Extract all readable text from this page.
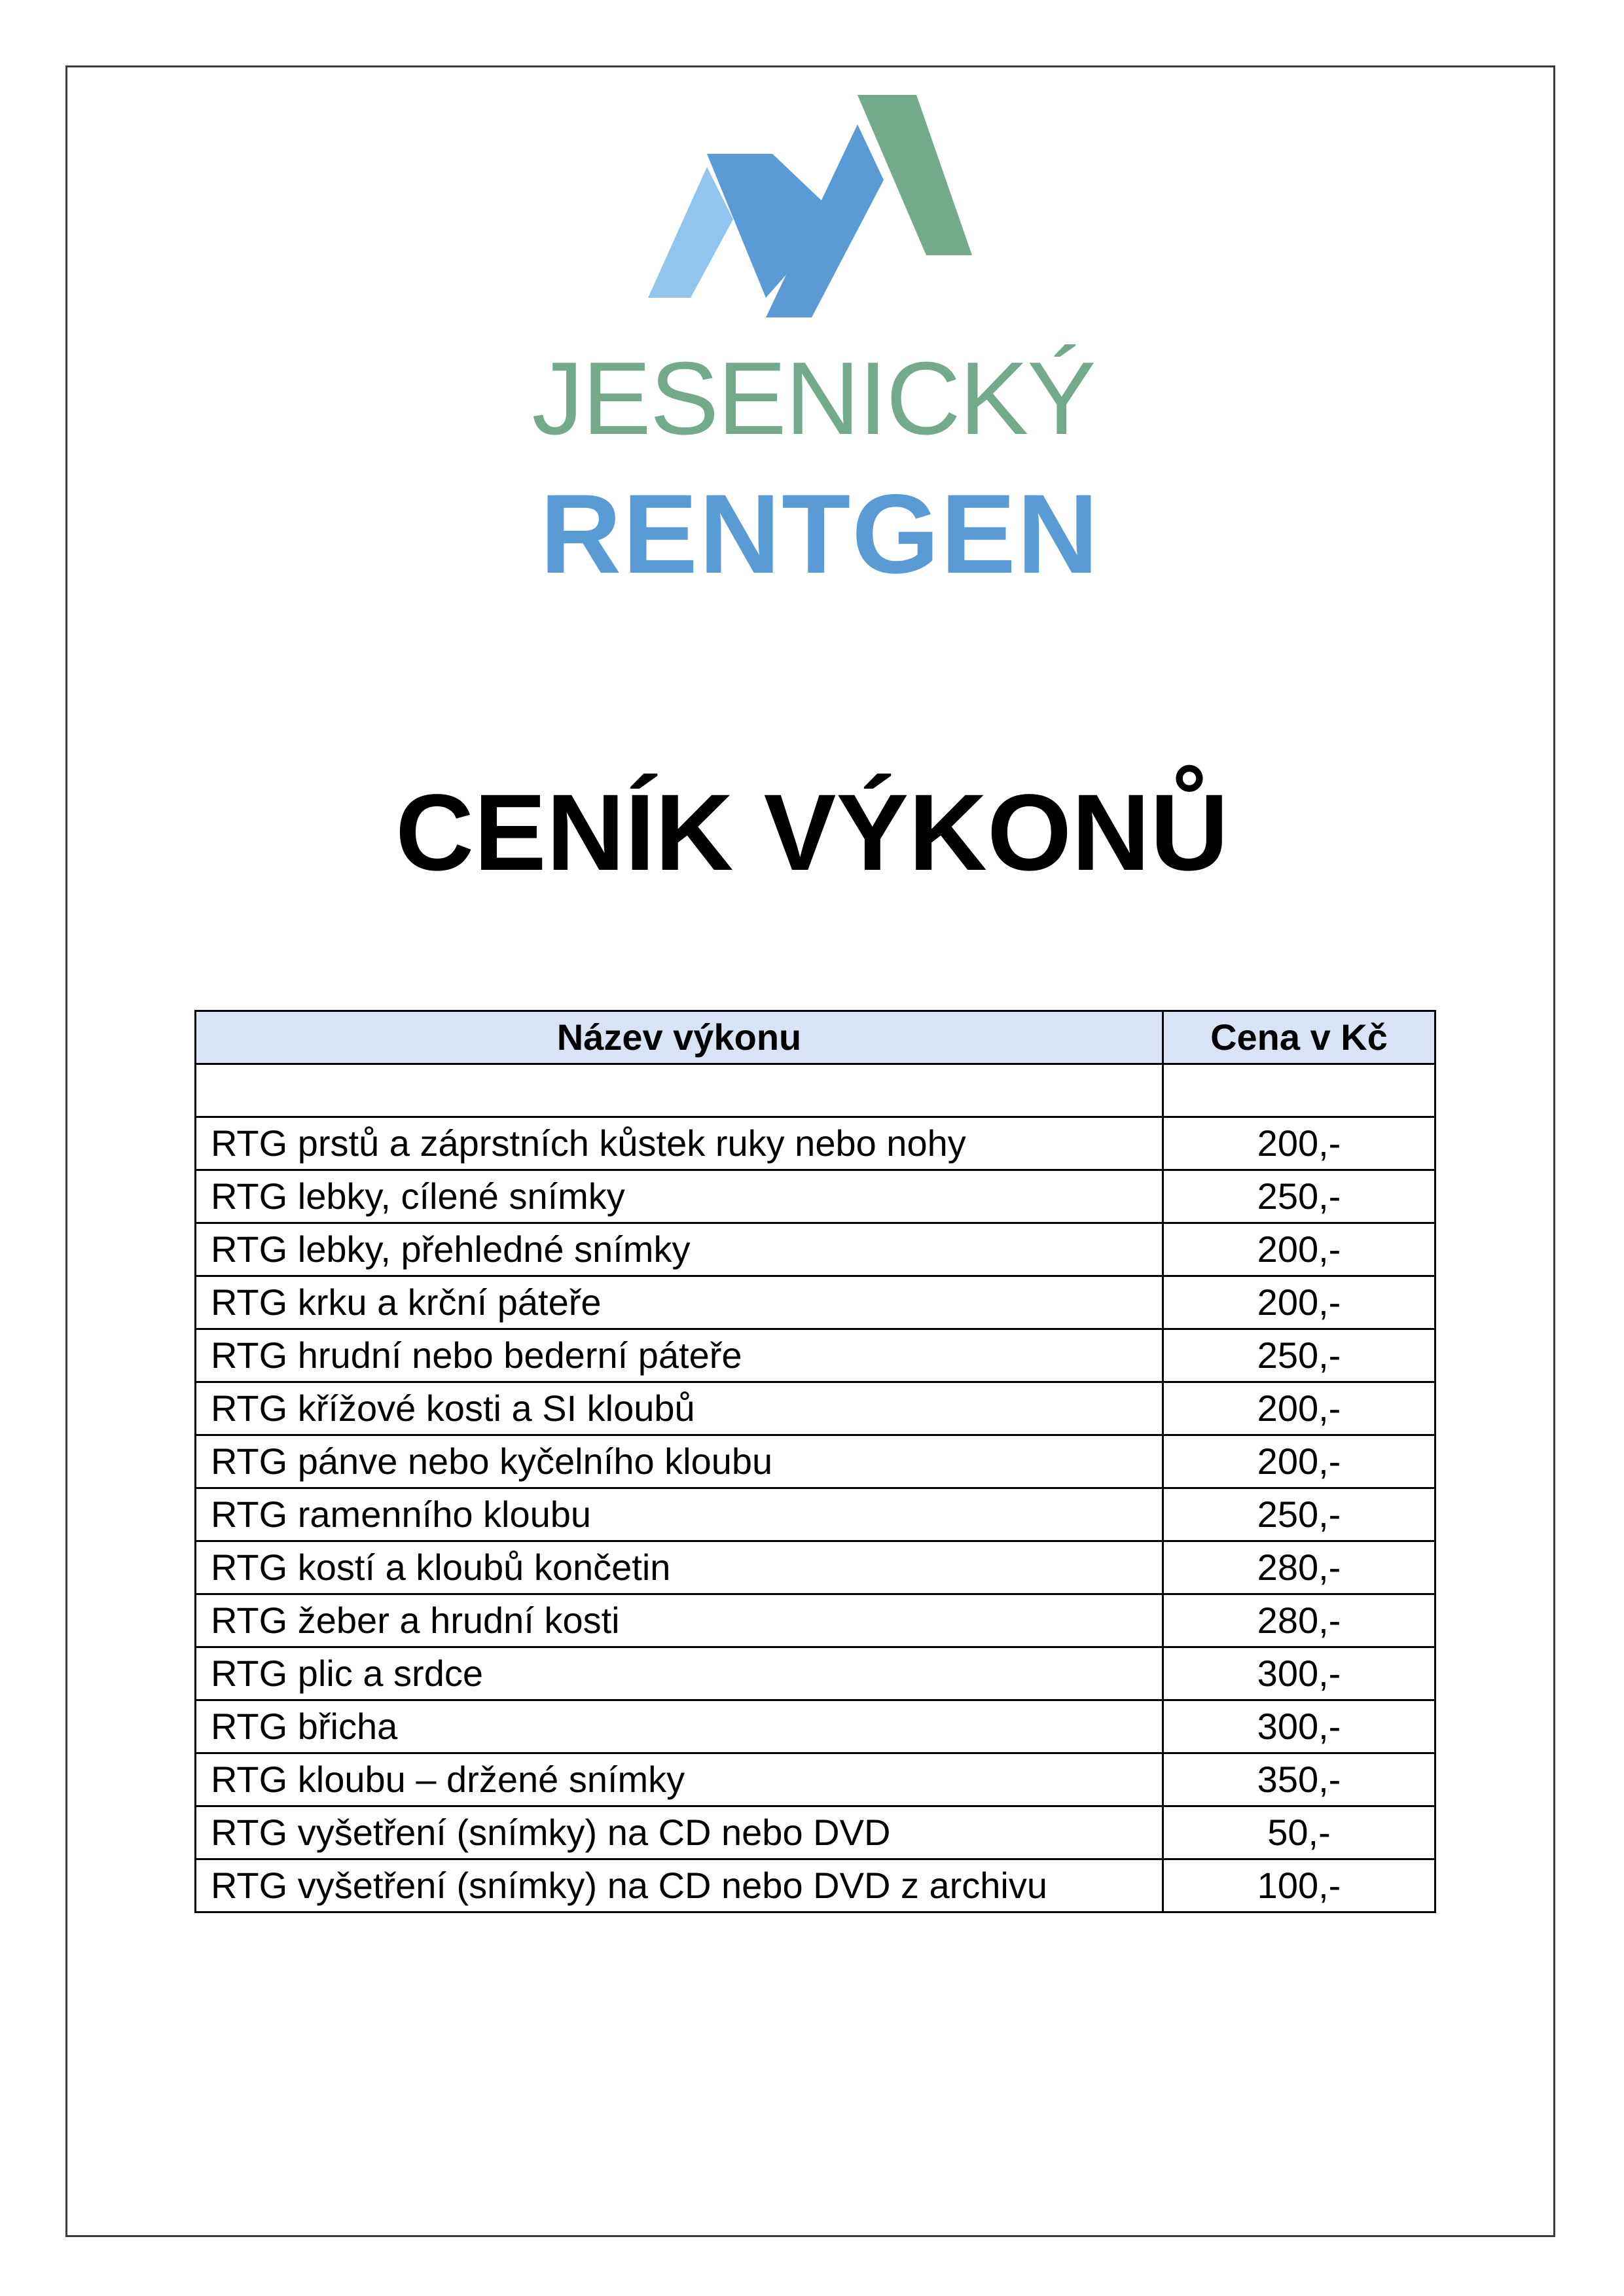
JESENICKÝ
RENTGEN
CENÍK VÝKONŮ
Název výkonu	Cena v Kč

RTG prstů a záprstních kůstek ruky nebo nohy	200,-
RTG lebky, cílené snímky	250,-
RTG lebky, přehledné snímky	200,-
RTG krku a krční páteře	200,-
RTG hrudní nebo bederní páteře	250,-
RTG křížové kosti a SI kloubů	200,-
RTG pánve nebo kyčelního kloubu	200,-
RTG ramenního kloubu	250,-
RTG kostí a kloubů končetin	280,-
RTG žeber a hrudní kosti	280,-
RTG plic a srdce	300,-
RTG břicha	300,-
RTG kloubu – držené snímky	350,-
RTG vyšetření (snímky) na CD nebo DVD	50,-
RTG vyšetření (snímky) na CD nebo DVD z archivu	100,-
